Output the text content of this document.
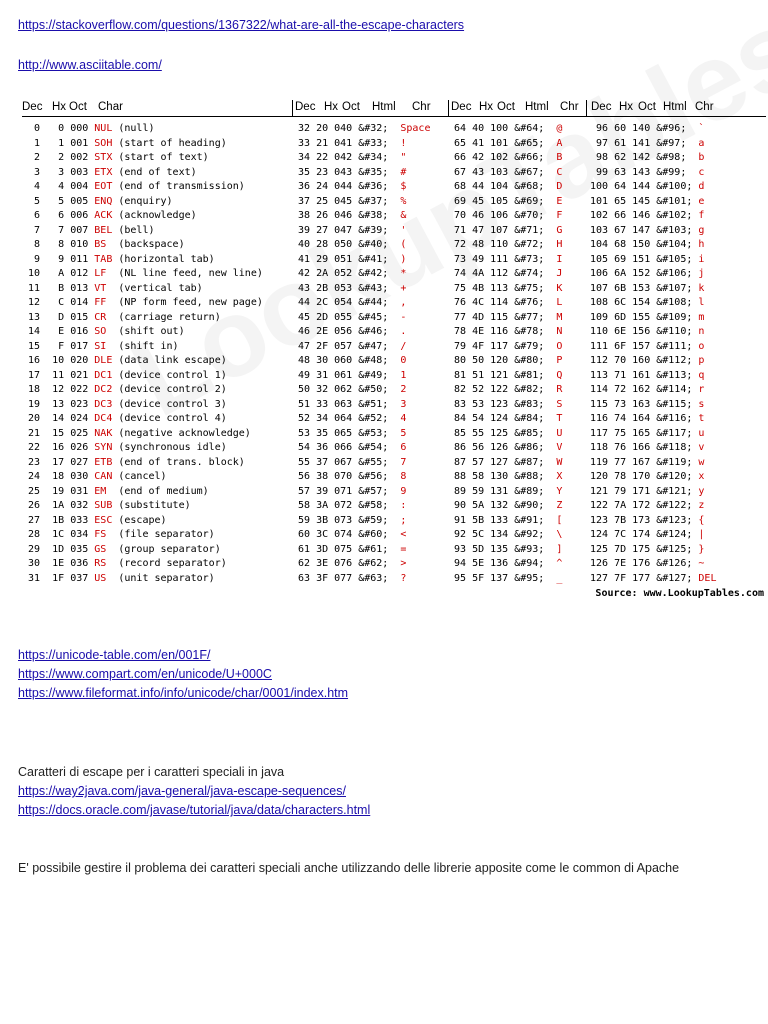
https://stackoverflow.com/questions/1367322/what-are-all-the-escape-characters
http://www.asciitable.com/
Dec Hx Oct Char	Dec Hx Oct Html Chr Dec Hx Oct Html Chr Dec Hx Oct Html Chr
0   0 000 NUL (null)
1   1 001 SOH (start of heading)
2   2 002 STX (start of text)
3   3 003 ETX (end of text)
4   4 004 EOT (end of transmission)
5   5 005 ENQ (enquiry)
6   6 006 ACK (acknowledge)
7   7 007 BEL (bell)
8   8 010 BS  (backspace)
9   9 011 TAB (horizontal tab)
10   A 012 LF  (NL line feed, new line)
11   B 013 VT  (vertical tab)
12   C 014 FF  (NP form feed, new page)
13   D 015 CR  (carriage return)
14   E 016 SO  (shift out)
15   F 017 SI  (shift in)
16  10 020 DLE (data link escape)
17  11 021 DC1 (device control 1)
18  12 022 DC2 (device control 2)
19  13 023 DC3 (device control 3)
20  14 024 DC4 (device control 4)
21  15 025 NAK (negative acknowledge)
22  16 026 SYN (synchronous idle)
23  17 027 ETB (end of trans. block)
24  18 030 CAN (cancel)
25  19 031 EM  (end of medium)
26  1A 032 SUB (substitute)
27  1B 033 ESC (escape)
28  1C 034 FS  (file separator)
29  1D 035 GS  (group separator)
30  1E 036 RS  (record separator)
31  1F 037 US  (unit separator)
32 20 040 &#32;  Space
33 21 041 &#33;  !
34 22 042 &#34;  "
35 23 043 &#35;  #
36 24 044 &#36;  $
37 25 045 &#37;  %
38 26 046 &#38;  &
39 27 047 &#39;  '
40 28 050 &#40;  (
41 29 051 &#41;  )
42 2A 052 &#42;  *
43 2B 053 &#43;  +
44 2C 054 &#44;  ,
45 2D 055 &#45;  -
46 2E 056 &#46;  .
47 2F 057 &#47;  /
48 30 060 &#48;  0
49 31 061 &#49;  1
50 32 062 &#50;  2
51 33 063 &#51;  3
52 34 064 &#52;  4
53 35 065 &#53;  5
54 36 066 &#54;  6
55 37 067 &#55;  7
56 38 070 &#56;  8
57 39 071 &#57;  9
58 3A 072 &#58;  :
59 3B 073 &#59;  ;
60 3C 074 &#60;  <
61 3D 075 &#61;  =
62 3E 076 &#62;  >
63 3F 077 &#63;  ?
64 40 100 &#64;  @
65 41 101 &#65;  A
66 42 102 &#66;  B
67 43 103 &#67;  C
68 44 104 &#68;  D
69 45 105 &#69;  E
70 46 106 &#70;  F
71 47 107 &#71;  G
72 48 110 &#72;  H
73 49 111 &#73;  I
74 4A 112 &#74;  J
75 4B 113 &#75;  K
76 4C 114 &#76;  L
77 4D 115 &#77;  M
78 4E 116 &#78;  N
79 4F 117 &#79;  O
80 50 120 &#80;  P
81 51 121 &#81;  Q
82 52 122 &#82;  R
83 53 123 &#83;  S
84 54 124 &#84;  T
85 55 125 &#85;  U
86 56 126 &#86;  V
87 57 127 &#87;  W
88 58 130 &#88;  X
89 59 131 &#89;  Y
90 5A 132 &#90;  Z
91 5B 133 &#91;  [
92 5C 134 &#92;  \
93 5D 135 &#93;  ]
94 5E 136 &#94;  ^
95 5F 137 &#95;  _
96 60 140 &#96;  `
97 61 141 &#97;  a
98 62 142 &#98;  b
99 63 143 &#99;  c
100 64 144 &#100; d
101 65 145 &#101; e
102 66 146 &#102; f
103 67 147 &#103; g
104 68 150 &#104; h
105 69 151 &#105; i
106 6A 152 &#106; j
107 6B 153 &#107; k
108 6C 154 &#108; l
109 6D 155 &#109; m
110 6E 156 &#110; n
111 6F 157 &#111; o
112 70 160 &#112; p
113 71 161 &#113; q
114 72 162 &#114; r
115 73 163 &#115; s
116 74 164 &#116; t
117 75 165 &#117; u
118 76 166 &#118; v
119 77 167 &#119; w
120 78 170 &#120; x
121 79 171 &#121; y
122 7A 172 &#122; z
123 7B 173 &#123; {
124 7C 174 &#124; |
125 7D 175 &#125; }
126 7E 176 &#126; ~
127 7F 177 &#127; DEL
Source: www.LookupTables.com
https://unicode-table.com/en/001F/
https://www.compart.com/en/unicode/U+000C
https://www.fileformat.info/info/unicode/char/0001/index.htm
Caratteri di escape per i caratteri speciali in java
https://way2java.com/java-general/java-escape-sequences/
https://docs.oracle.com/javase/tutorial/java/data/characters.html
E' possibile gestire il problema dei caratteri speciali anche utilizzando delle librerie apposite come le common di Apache
